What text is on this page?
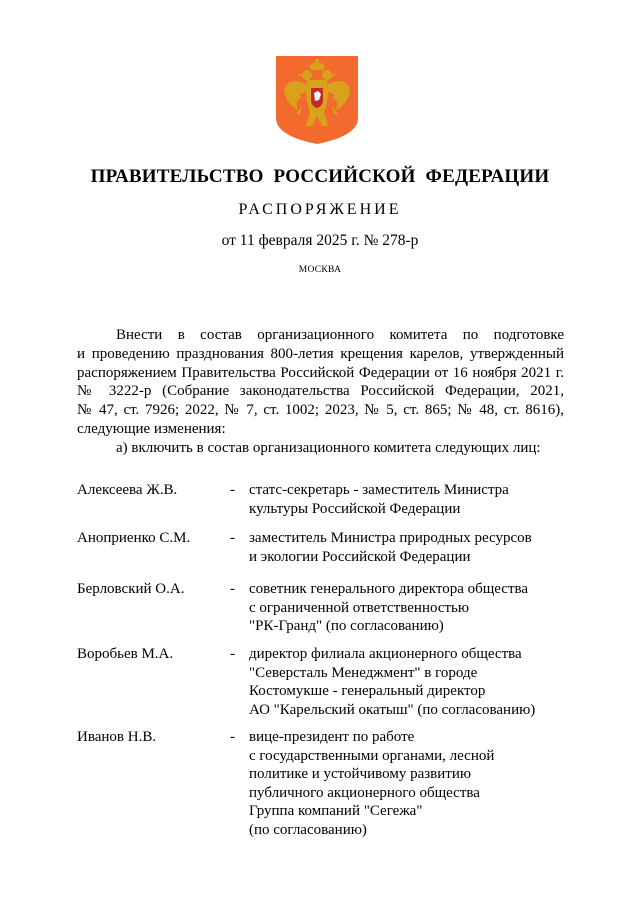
ПРАВИТЕЛЬСТВО РОССИЙСКОЙ ФЕДЕРАЦИИ
РАСПОРЯЖЕНИЕ
от 11 февраля 2025 г. № 278-р
МОСКВА
Внести в состав организационного комитета по подготовке
и проведению празднования 800-летия крещения карелов, утвержденный
распоряжением Правительства Российской Федерации от 16 ноября 2021 г.
№ 3222-р (Собрание законодательства Российской Федерации, 2021,
№ 47, ст. 7926; 2022, № 7, ст. 1002; 2023, № 5, ст. 865; № 48, ст. 8616),
следующие изменения:
а) включить в состав организационного комитета следующих лиц:
Алексеева Ж.В.	- статс-секретарь - заместитель Министра
культуры Российской Федерации
Аноприенко С.М.	- заместитель Министра природных ресурсов
и экологии Российской Федерации
Берловский О.А.	- советник генерального директора общества
с ограниченной ответственностью
"РК-Гранд" (по согласованию)
Воробьев М.А.	- директор филиала акционерного общества
"Северсталь Менеджмент" в городе
Костомукше - генеральный директор
АО "Карельский окатыш" (по согласованию)
Иванов Н.В.	- вице-президент по работе
с государственными органами, лесной
политике и устойчивому развитию
публичного акционерного общества
Группа компаний "Сегежа"
(по согласованию)
